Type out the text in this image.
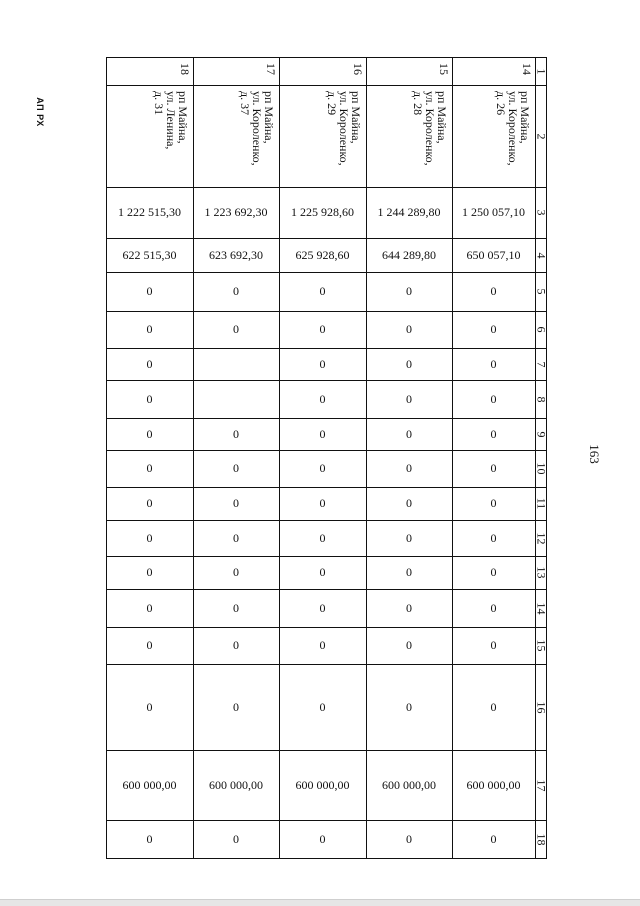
1
2
3
4
5
6
7
8
9
10
11
12
13
14
15
16
17
18
14
рп Майна,
ул. Короленко,
д. 26
1 250 057,10
650 057,10
0
0
0
0
0
0
0
0
0
0
0
0
600 000,00
0
15
рп Майна,
ул. Короленко,
д. 28
1 244 289,80
644 289,80
0
0
0
0
0
0
0
0
0
0
0
0
600 000,00
0
16
рп Майна,
ул. Короленко,
д. 29
1 225 928,60
625 928,60
0
0
0
0
0
0
0
0
0
0
0
0
600 000,00
0
17
рп Майна,
ул. Короленко,
д. 37
1 223 692,30
623 692,30
0
0
0
0
0
0
0
0
0
0
600 000,00
0
18
рп Майна,
ул. Ленина,
д. 31
1 222 515,30
622 515,30
0
0
0
0
0
0
0
0
0
0
0
0
600 000,00
0
163
АП РХ
